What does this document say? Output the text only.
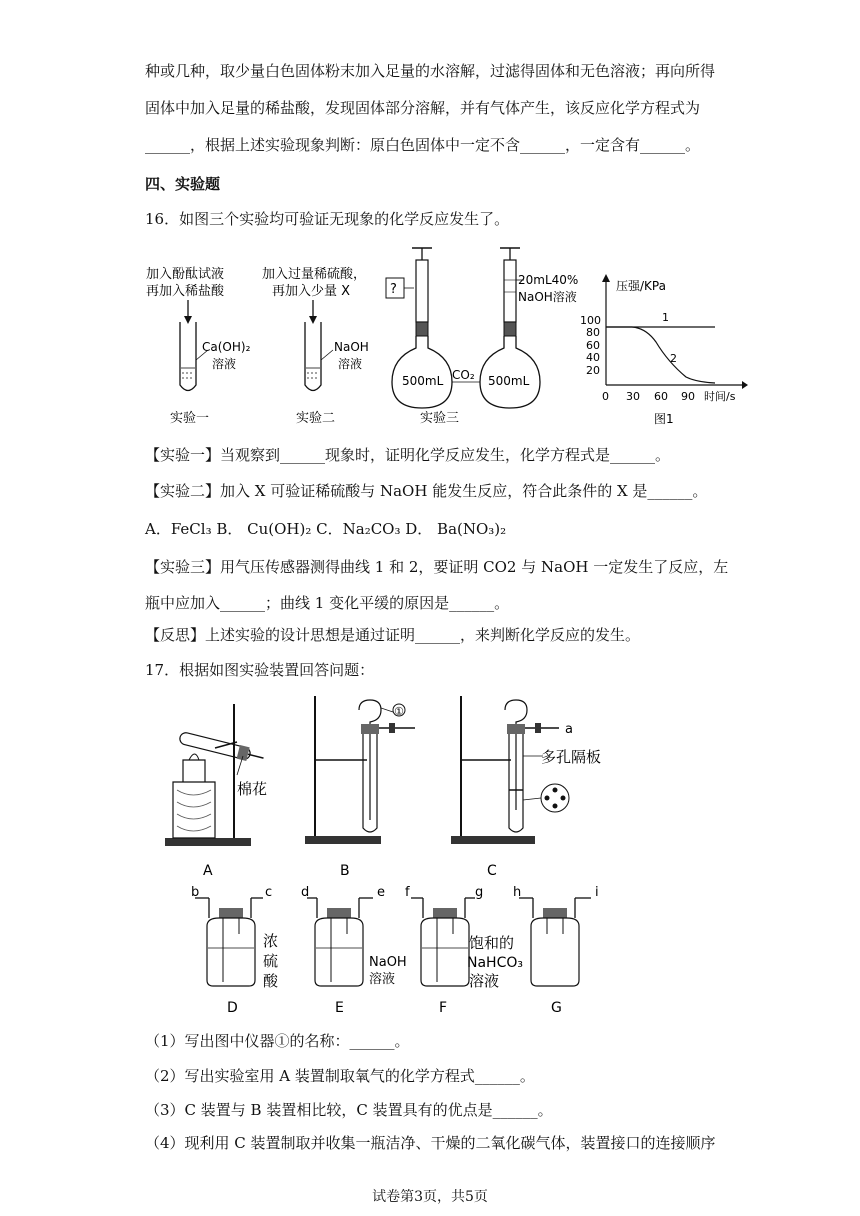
种或几种，取少量白色固体粉末加入足量的水溶解，过滤得固体和无色溶液；再向所得
固体中加入足量的稀盐酸，发现固体部分溶解，并有气体产生，该反应化学方程式为
______，根据上述实验现象判断：原白色固体中一定不含______，一定含有______。
四、实验题
16．如图三个实验均可验证无现象的化学反应发生了。
加入酚酞试液
再加入稀盐酸
Ca(OH)₂
溶液
实验一
加入过量稀硫酸，
再加入少量 X
NaOH
溶液
实验二
?
500mL	500mL
CO₂
20mL40%
NaOH溶液
实验三
压强/KPa
100
80
60
40
20
0 30 60 90 时间/s
1
2
图1
【实验一】当观察到______现象时，证明化学反应发生，化学方程式是______。
【实验二】加入 X 可验证稀硫酸与 NaOH 能发生反应，符合此条件的 X 是______。
A．FeCl₃ B． Cu(OH)₂ C．Na₂CO₃ D． Ba(NO₃)₂
【实验三】用气压传感器测得曲线 1 和 2，要证明 CO2 与 NaOH 一定发生了反应，左
瓶中应加入______；曲线 1 变化平缓的原因是______。
【反思】上述实验的设计思想是通过证明______，来判断化学反应的发生。
17．根据如图实验装置回答问题：
棉花
A
①
B
a
多孔隔板
C
b	c
浓
硫
酸
D
d	e
NaOH
溶液
E
f	g
饱和的
NaHCO₃
溶液
F
h	i
G
（1）写出图中仪器①的名称：______。
（2）写出实验室用 A 装置制取氧气的化学方程式______。
（3）C 装置与 B 装置相比较，C 装置具有的优点是______。
（4）现利用 C 装置制取并收集一瓶洁净、干燥的二氧化碳气体，装置接口的连接顺序
试卷第3页，共5页
